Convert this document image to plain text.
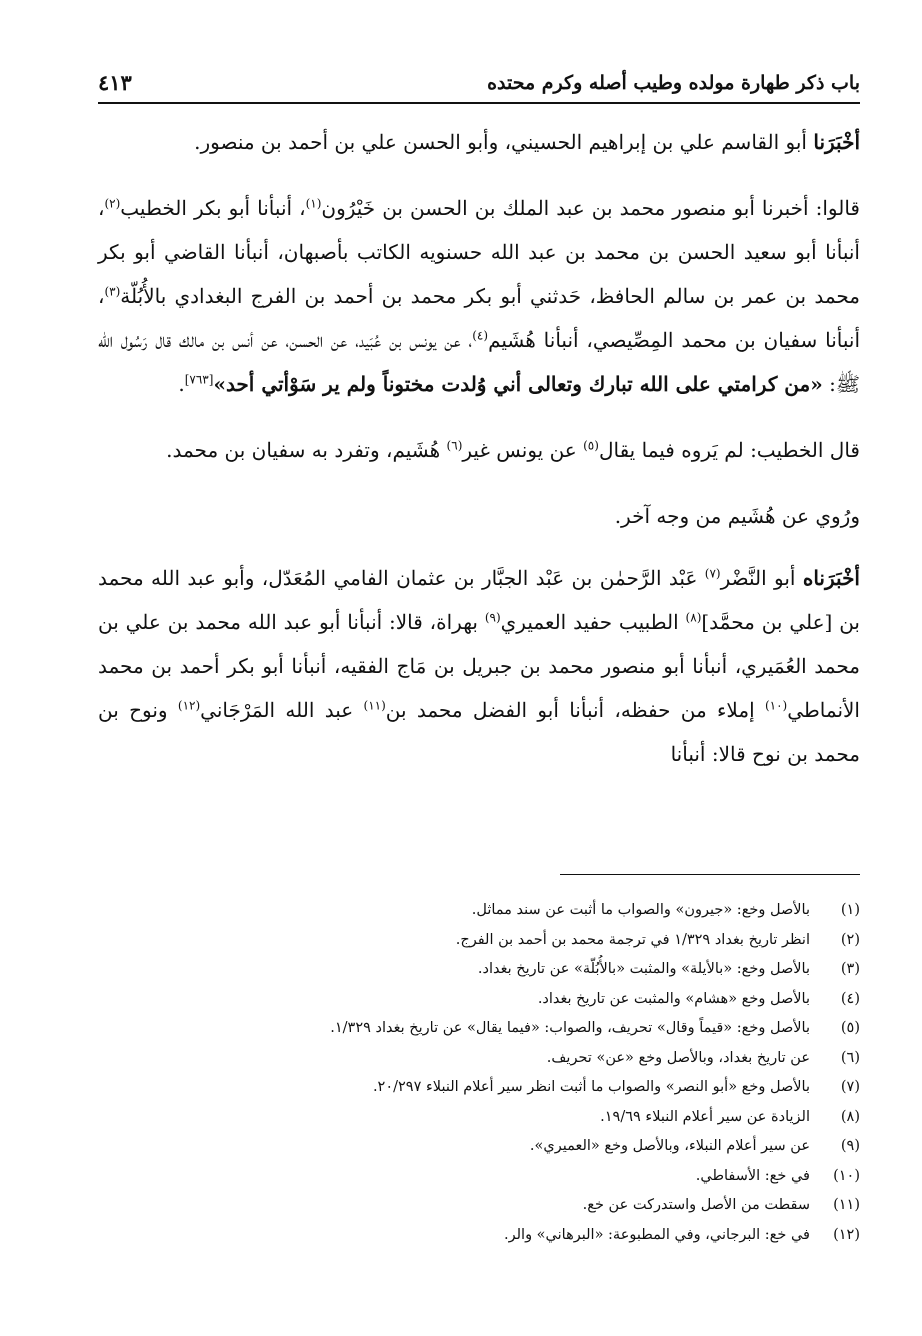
باب ذكر طهارة مولده وطيب أصله وكرم محتده
٤١٣

أخْبَرَنا أبو القاسم علي بن إبراهيم الحسيني، وأبو الحسن علي بن أحمد بن منصور.

قالوا: أخبرنا أبو منصور محمد بن عبد الملك بن الحسن بن خَيْرُون$^{(١)}$، أنبأنا أبو بكر الخطيب$^{(٢)}$، أنبأنا أبو سعيد الحسن بن محمد بن عبد الله حسنويه الكاتب بأصبهان، أنبأنا القاضي أبو بكر محمد بن عمر بن سالم الحافظ، حَدثني أبو بكر محمد بن أحمد بن الفرج البغدادي بالأُبُلّة$^{(٣)}$، أنبأنا سفيان بن محمد المِصِّيصي، أنبأنا هُشَيم$^{(٤)}$، عن يونس بن عُبَيد، عن الحسن، عن أنس بن مالك قال رَسُول الله ﷺ: «من كرامتي على الله تبارك وتعالى أني وُلدت مختوناً ولم ير سَوْأتي أحد»[٧٦٣].

قال الخطيب: لم يَروه فيما يقال$^{(٥)}$ عن يونس غير$^{(٦)}$ هُشَيم، وتفرد به سفيان بن محمد.

ورُوي عن هُشَيم من وجه آخر.

أخْبَرَناه أبو النَّضْر$^{(٧)}$ عَبْد الرَّحمٰن بن عَبْد الجبَّار بن عثمان الفامي المُعَدّل، وأبو عبد الله محمد بن [علي بن محمَّد]$^{(٨)}$ الطبيب حفيد العميري$^{(٩)}$ بهراة، قالا: أنبأنا أبو عبد الله محمد بن علي بن محمد العُمَيري، أنبأنا أبو منصور محمد بن جبريل بن مَاج الفقيه، أنبأنا أبو بكر أحمد بن محمد الأنماطي$^{(١٠)}$ إملاء من حفظه، أنبأنا أبو الفضل محمد بن$^{(١١)}$ عبد الله المَرْجَاني$^{(١٢)}$ ونوح بن محمد بن نوح قالا: أنبأنا

(١)
بالأصل وخع: «جيرون» والصواب ما أثبت عن سند مماثل.
(٢)
انظر تاريخ بغداد ١/٣٢٩ في ترجمة محمد بن أحمد بن الفرج.
(٣)
بالأصل وخع: «بالأيلة» والمثبت «بالأُبُلّة» عن تاريخ بغداد.
(٤)
بالأصل وخع «هشام» والمثبت عن تاريخ بغداد.
(٥)
بالأصل وخع: «قيماً وقال» تحريف، والصواب: «فيما يقال» عن تاريخ بغداد ١/٣٢٩.
(٦)
عن تاريخ بغداد، وبالأصل وخع «عن» تحريف.
(٧)
بالأصل وخع «أبو النصر» والصواب ما أثبت انظر سير أعلام النبلاء ٢٠/٢٩٧.
(٨)
الزيادة عن سير أعلام النبلاء ١٩/٦٩.
(٩)
عن سير أعلام النبلاء، وبالأصل وخع «العميري».
(١٠)
في خع: الأسفاطي.
(١١)
سقطت من الأصل واستدركت عن خع.
(١٢)
في خع: البرجاني، وفي المطبوعة: «البرهاني» والر.
